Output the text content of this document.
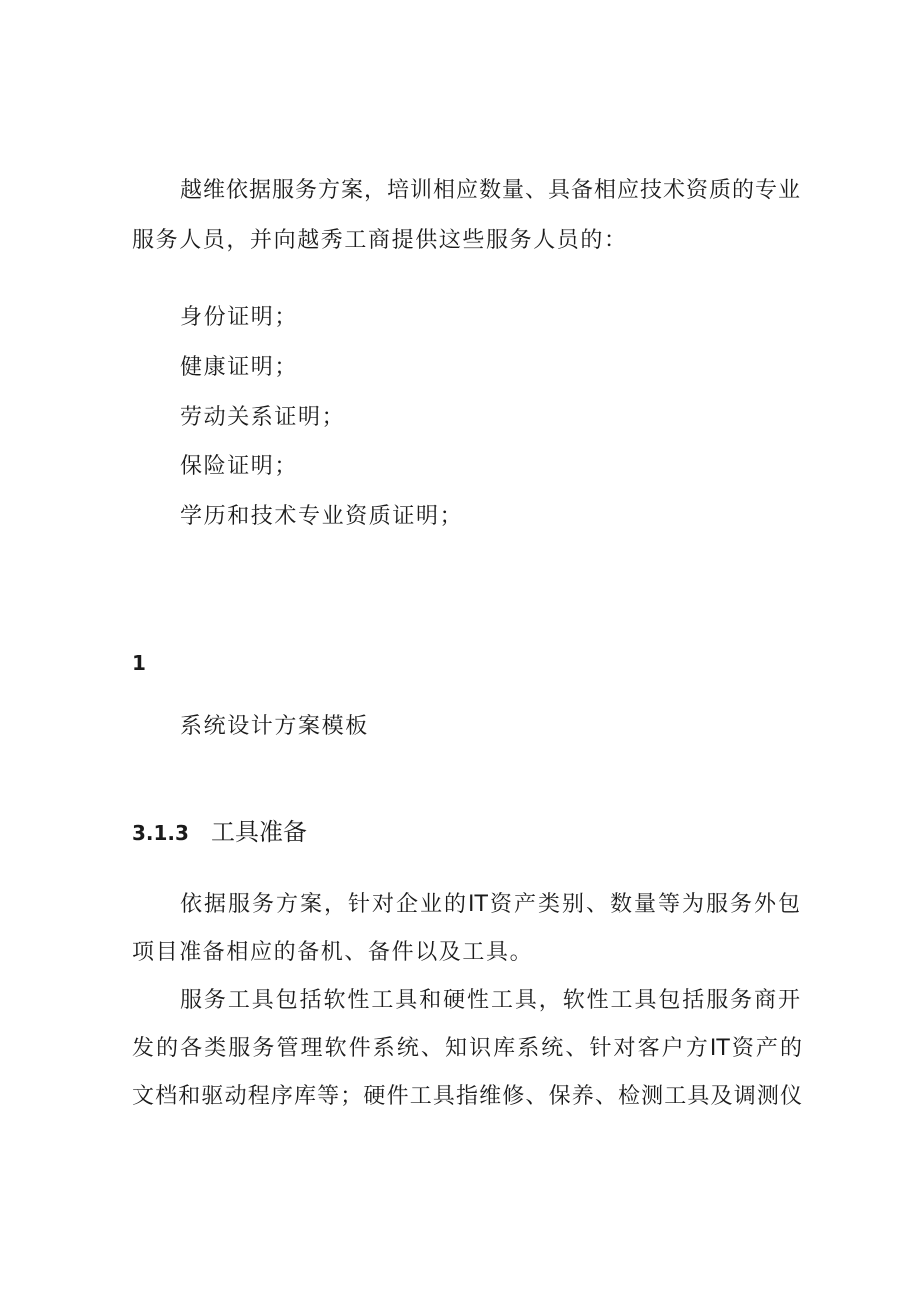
越维依据服务方案，培训相应数量、具备相应技术资质的专业
服务人员，并向越秀工商提供这些服务人员的：
身份证明；
健康证明；
劳动关系证明；
保险证明；
学历和技术专业资质证明；
1
系统设计方案模板
3.1.3 工具准备
依据服务方案，针对企业的IT资产类别、数量等为服务外包
项目准备相应的备机、备件以及工具。
服务工具包括软性工具和硬性工具，软性工具包括服务商开
发的各类服务管理软件系统、知识库系统、针对客户方IT资产的
文档和驱动程序库等；硬件工具指维修、保养、检测工具及调测仪
